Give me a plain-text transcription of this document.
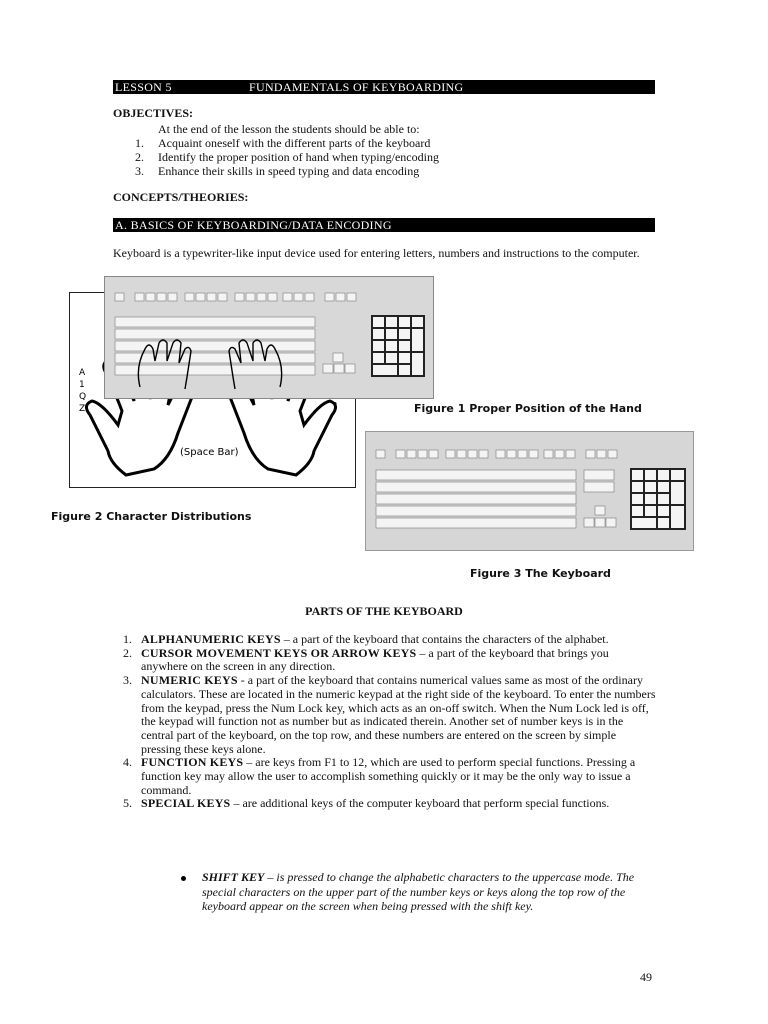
LESSON 5	FUNDAMENTALS OF KEYBOARDING
OBJECTIVES:
At the end of the lesson the students should be able to:
1. Acquaint oneself with the different parts of the keyboard
2. Identify the proper position of hand when typing/encoding
3. Enhance their skills in speed typing and data encoding
CONCEPTS/THEORIES:
A. BASICS OF KEYBOARDING/DATA ENCODING
Keyboard is a typewriter-like input device used for entering letters, numbers and instructions to the computer.
(Space Bar)
?
A
1
Q
Z	Figure 1 Proper Position of the Hand
Figure 2 Character Distributions
Figure 3 The Keyboard
PARTS OF THE KEYBOARD
1. ALPHANUMERIC KEYS – a part of the keyboard that contains the characters of the alphabet.
2. CURSOR MOVEMENT KEYS OR ARROW KEYS – a part of the keyboard that brings you anywhere on the screen in any direction.
3. NUMERIC KEYS - a part of the keyboard that contains numerical values same as most of the ordinary calculators. These are located in the numeric keypad at the right side of the keyboard. To enter the numbers from the keypad, press the Num Lock key, which acts as an on-off switch. When the Num Lock led is off, the keypad will function not as number but as indicated therein. Another set of number keys is in the central part of the keyboard, on the top row, and these numbers are entered on the screen by simple pressing these keys alone.
4. FUNCTION KEYS – are keys from F1 to 12, which are used to perform special functions. Pressing a function key may allow the user to accomplish something quickly or it may be the only way to issue a command.
5. SPECIAL KEYS – are additional keys of the computer keyboard that perform special functions.
SHIFT KEY – is pressed to change the alphabetic characters to the uppercase mode. The special characters on the upper part of the number keys or keys along the top row of the keyboard appear on the screen when being pressed with the shift key.
49
